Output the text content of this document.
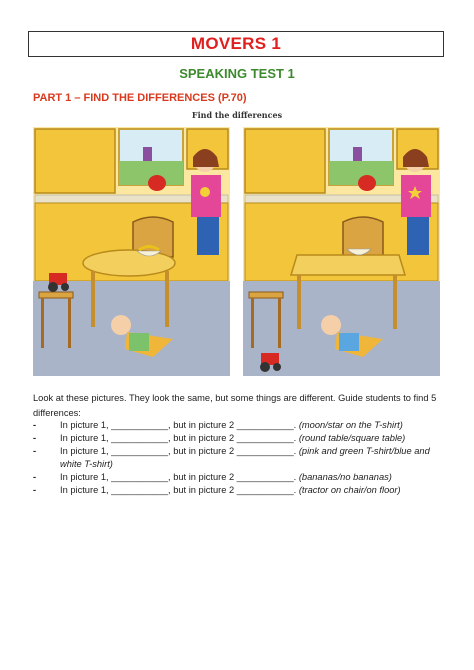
MOVERS 1
SPEAKING TEST 1
PART 1 – FIND THE DIFFERENCES (P.70)
Find the differences
Look at these pictures. They look the same, but some things are different. Guide students to find 5 differences:
-	In picture 1, ___________, but in picture 2 ___________. (moon/star on the T-shirt)
-	In picture 1, ___________, but in picture 2 ___________. (round table/square table)
-	In picture 1, ___________, but in picture 2 ___________. (pink and green T-shirt/blue and white T-shirt)
-	In picture 1, ___________, but in picture 2 ___________. (bananas/no bananas)
-	In picture 1, ___________, but in picture 2 ___________. (tractor on chair/on floor)
